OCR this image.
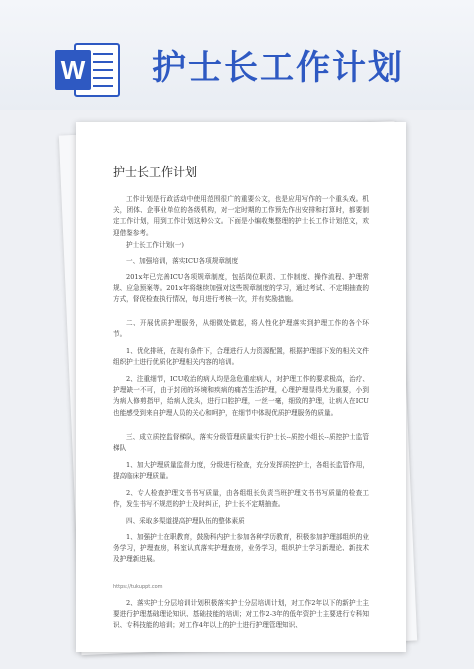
W 护士长工作计划
护士长工作计划
工作计划是行政活动中使用范围很广的重要公文，也是应用写作的一个重头戏。机关，团体、企事业单位的各级机构，对一定时期的工作预先作出安排和打算时，都要制定工作计划，用到工作计划这种公文。下面是小编收集整理的护士长工作计划范文，欢迎借鉴参考。
护士长工作计划(一)
一、加强培训，落实ICU各项规章制度
201x年已完善ICU各项规章制度，包括岗位职责、工作制度、操作流程、护理常规、应急预案等。201x年将继续加强对这些规章制度的学习，通过考试、不定期抽查的方式，督促检查执行情况，每月进行考核一次，并有奖励措施。
二、开展优质护理服务，从细微处做起，将人性化护理落实到护理工作的各个环节。
1、优化排班，在现有条件下，合理进行人力资源配置，根据护理部下发的相关文件组织护士进行优质化护理相关内容的培训。
2、注重细节，ICU收治的病人均是急危重症病人，对护理工作的要求极高，治疗、护理缺一不可，由于封闭的环境和疾病的痛苦生活护理，心理护理显得尤为重要，小到为病人修剪指甲，给病人洗头，进行口腔护理，一丝一毫，细致的护理，让病人在ICU也能感受到来自护理人员的关心和呵护，在细节中体现优质护理服务的质量。
三、成立质控监督梯队，落实分级管理质量实行护士长--质控小组长--质控护士监管梯队
1、加大护理质量监督力度，分级进行检查，充分发挥质控护士，各组长监管作用，提高临床护理质量。
2、专人检查护理文书书写质量，由各组组长负责当班护理文书书写质量的检查工作，发生书写不规范的护士及时纠正，护士长不定期抽查。
四、采取多渠道提高护理队伍的整体素质
1、加强护士在职教育，鼓励科内护士参加各种学历教育，积极参加护理部组织的业务学习，护理查房，科室认真落实护理查房，业务学习，组织护士学习新理论、新技术及护理新进展。
2、落实护士分层培训计划积极落实护士分层培训计划，对工作2年以下的新护士主要进行护理基础理论知识、基础技能的培训；对工作2-3年的低年资护士主要进行专科知识、专科技能的培训；对工作4年以上的护士进行护理管理知识、
https://tukuppt.com
